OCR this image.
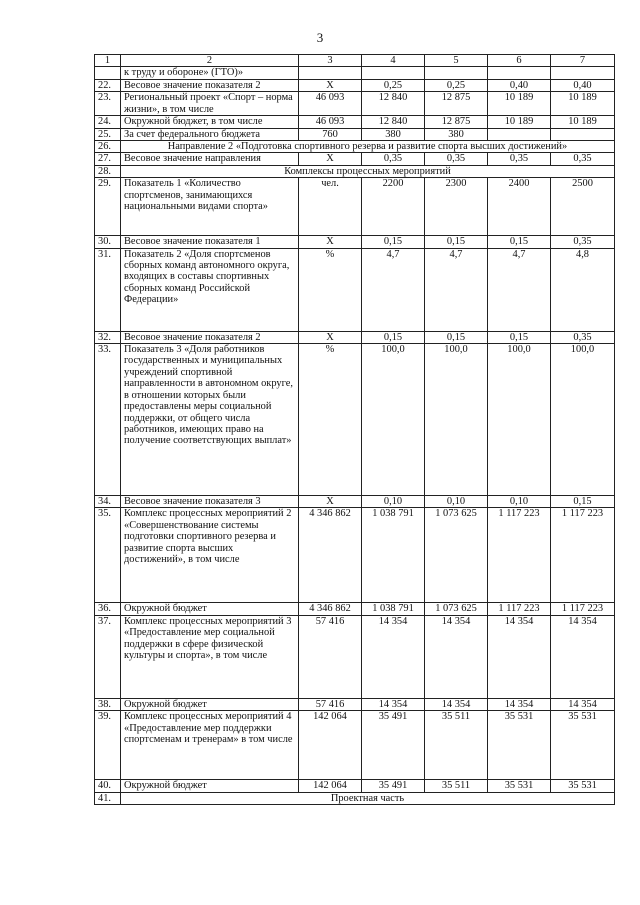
3
1	2	3	4	5	6	7
	к труду и обороне» (ГТО)»					
22.	Весовое значение показателя 2	Х	0,25	0,25	0,40	0,40
23.	Региональный проект «Спорт – норма жизни», в том числе	46 093	12 840	12 875	10 189	10 189
24.	Окружной бюджет, в том числе	46 093	12 840	12 875	10 189	10 189
25.	За счет федерального бюджета	760	380	380		
26.	Направление 2 «Подготовка спортивного резерва и развитие спорта высших достижений»					
27.	Весовое значение направления	Х	0,35	0,35	0,35	0,35
28.	Комплексы процессных мероприятий					
29.	Показатель 1 «Количество спортсменов, занимающихся национальными видами спорта»	чел.	2200	2300	2400	2500
30.	Весовое значение показателя 1	Х	0,15	0,15	0,15	0,35
31.	Показатель 2 «Доля спортсменов сборных команд автономного округа, входящих в составы спортивных сборных команд Российской Федерации»	%	4,7	4,7	4,7	4,8
32.	Весовое значение показателя 2	Х	0,15	0,15	0,15	0,35
33.	Показатель 3 «Доля работников государственных и муниципальных учреждений спортивной направленности в автономном округе, в отношении которых были предоставлены меры социальной поддержки, от общего числа работников, имеющих право на получение соответствующих выплат»	%	100,0	100,0	100,0	100,0
34.	Весовое значение показателя 3	Х	0,10	0,10	0,10	0,15
35.	Комплекс процессных мероприятий 2 «Совершенствование системы подготовки спортивного резерва и развитие спорта высших достижений», в том числе	4 346 862	1 038 791	1 073 625	1 117 223	1 117 223
36.	Окружной бюджет	4 346 862	1 038 791	1 073 625	1 117 223	1 117 223
37.	Комплекс процессных мероприятий 3 «Предоставление мер социальной поддержки в сфере физической культуры и спорта», в том числе	57 416	14 354	14 354	14 354	14 354
38.	Окружной бюджет	57 416	14 354	14 354	14 354	14 354
39.	Комплекс процессных мероприятий 4 «Предоставление мер поддержки спортсменам и тренерам» в том числе	142 064	35 491	35 511	35 531	35 531
40.	Окружной бюджет	142 064	35 491	35 511	35 531	35 531
41.	Проектная часть					
